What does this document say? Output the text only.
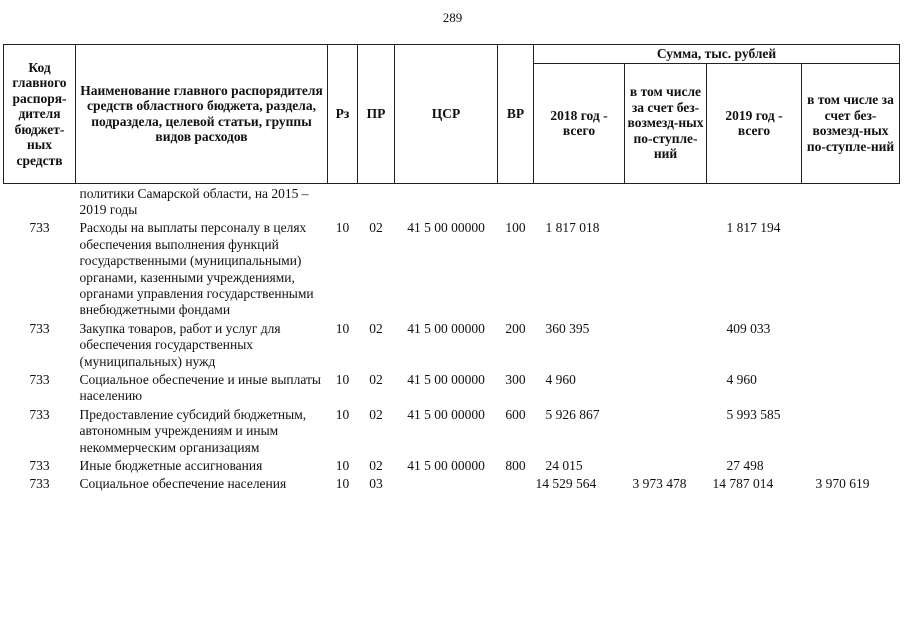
289
Код главного распоря-дителя бюджет-ных средств	Наименование главного распорядителя средств областного бюджета, раздела, подраздела, целевой статьи, группы видов расходов	Рз	ПР	ЦСР	ВР	Сумма, тыс. рублей			
						2018 год - всего	в том числе за счет без-возмезд-ных по-ступле-ний	2019 год - всего	в том числе за счет без-возмезд-ных по-ступле-ний
	политики Самарской области, на 2015 – 2019 годы								
733	Расходы на выплаты персоналу в целях обеспечения выполнения функций государственными (муниципальными) органами, казенными учреждениями, органами управления государственными внебюджетными фондами	10	02	41 5 00 00000	100	1 817 018		1 817 194	
733	Закупка товаров, работ и услуг для обеспечения государственных (муниципальных) нужд	10	02	41 5 00 00000	200	360 395		409 033	
733	Социальное обеспечение и иные выплаты населению	10	02	41 5 00 00000	300	4 960		4 960	
733	Предоставление субсидий бюджетным, автономным учреждениям и иным некоммерческим организациям	10	02	41 5 00 00000	600	5 926 867		5 993 585	
733	Иные бюджетные ассигнования	10	02	41 5 00 00000	800	24 015		27 498	
733	Социальное обеспечение населения	10	03			14 529 564	3 973 478	14 787 014	3 970 619
